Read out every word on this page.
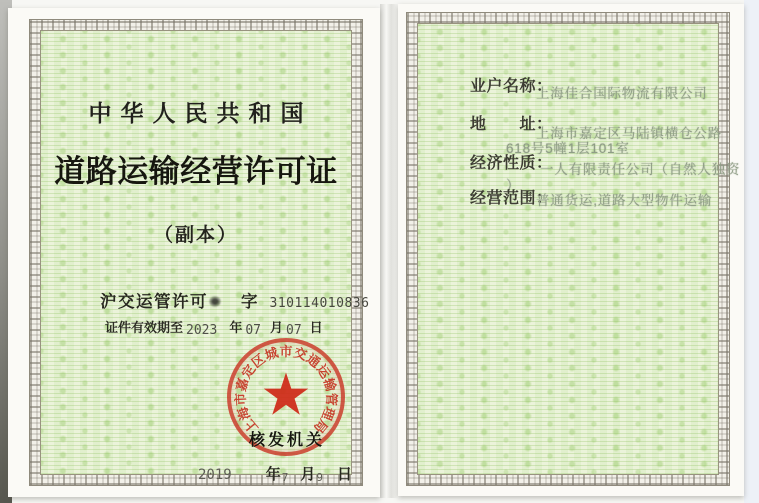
中华人民共和国
道路运输经营许可证
（副本）
沪交运管许可 字 310114010836
证件有效期至 2023 年 07 月 07 日
上
海
市
嘉
定
区
城 市 交
通
运
输
管
理
局
★
核发机关
2019 年7 月9 日
业户名称：
上海佳合国际物流有限公司
地　　址：
上海市嘉定区马陆镇横仓公路
618号5幢1层101室
经济性质：
一人有限责任公司（自然人独资
）
经营范围：
普通货运,道路大型物件运输
